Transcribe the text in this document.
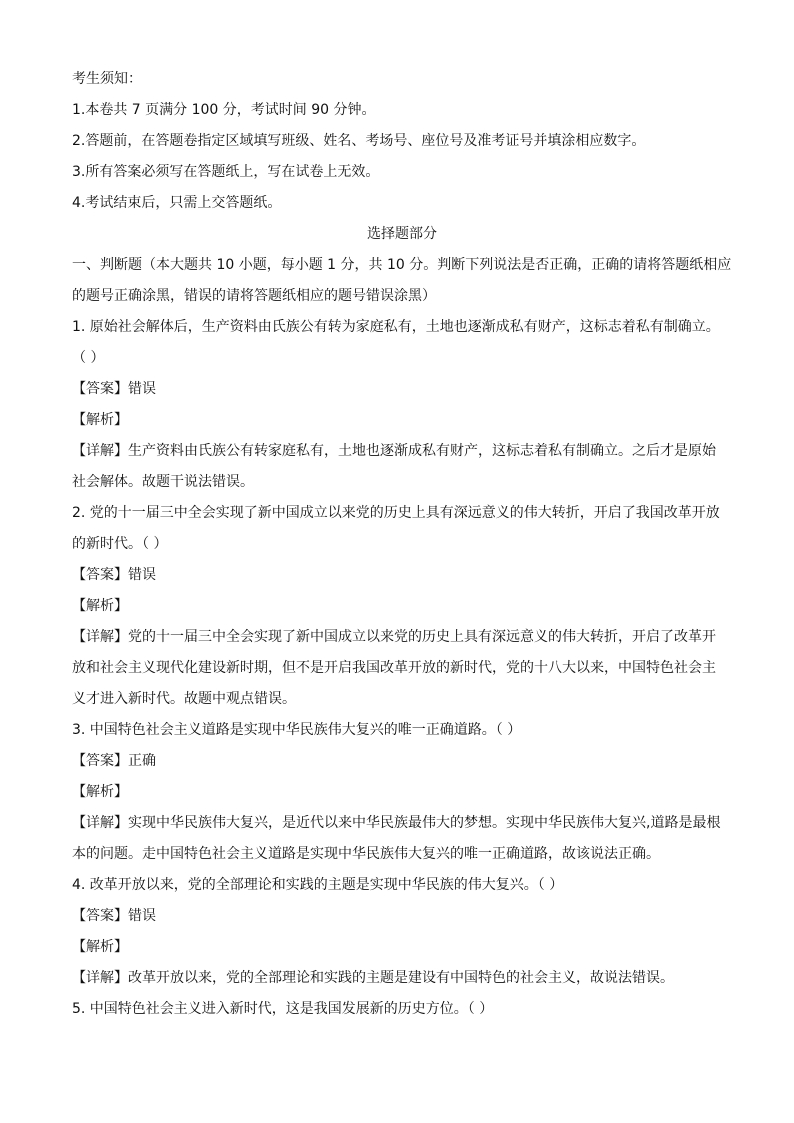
考生须知：
1.本卷共 7 页满分 100 分，考试时间 90 分钟。
2.答题前，在答题卷指定区域填写班级、姓名、考场号、座位号及准考证号并填涂相应数字。
3.所有答案必须写在答题纸上，写在试卷上无效。
4.考试结束后，只需上交答题纸。
选择题部分
一、判断题（本大题共 10 小题，每小题 1 分，共 10 分。判断下列说法是否正确，正确的请将答题纸相应
的题号正确涂黑，错误的请将答题纸相应的题号错误涂黑）
1. 原始社会解体后，生产资料由氏族公有转为家庭私有，土地也逐渐成私有财产，这标志着私有制确立。
（ ）
【答案】错误
【解析】
【详解】生产资料由氏族公有转家庭私有，土地也逐渐成私有财产，这标志着私有制确立。之后才是原始
社会解体。故题干说法错误。
2. 党的十一届三中全会实现了新中国成立以来党的历史上具有深远意义的伟大转折，开启了我国改革开放
的新时代。（ ）
【答案】错误
【解析】
【详解】党的十一届三中全会实现了新中国成立以来党的历史上具有深远意义的伟大转折，开启了改革开
放和社会主义现代化建设新时期，但不是开启我国改革开放的新时代，党的十八大以来，中国特色社会主
义才进入新时代。故题中观点错误。
3. 中国特色社会主义道路是实现中华民族伟大复兴的唯一正确道路。（ ）
【答案】正确
【解析】
【详解】实现中华民族伟大复兴，是近代以来中华民族最伟大的梦想。实现中华民族伟大复兴,道路是最根
本的问题。走中国特色社会主义道路是实现中华民族伟大复兴的唯一正确道路，故该说法正确。
4. 改革开放以来，党的全部理论和实践的主题是实现中华民族的伟大复兴。（ ）
【答案】错误
【解析】
【详解】改革开放以来，党的全部理论和实践的主题是建设有中国特色的社会主义，故说法错误。
5. 中国特色社会主义进入新时代，这是我国发展新的历史方位。（ ）
